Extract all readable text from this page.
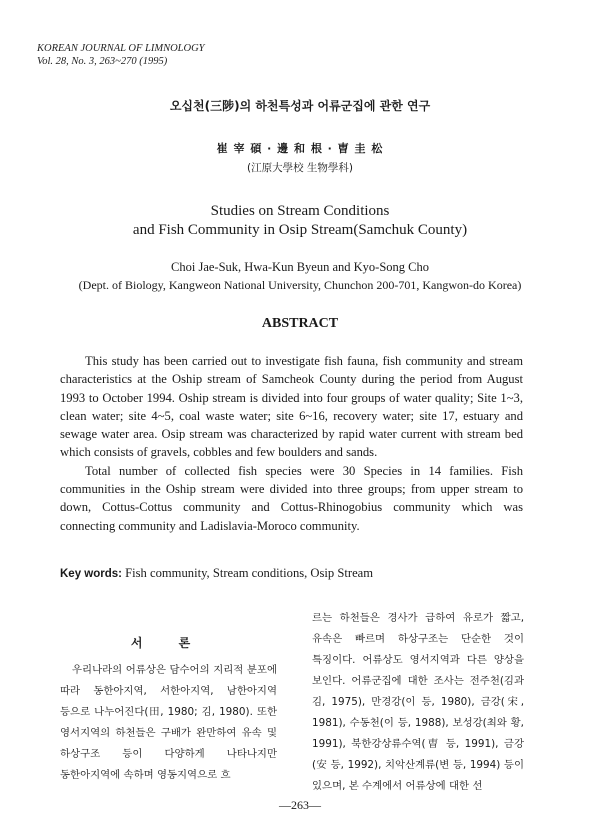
KOREAN JOURNAL OF LIMNOLOGY
Vol. 28, No. 3, 263~270 (1995)
오십천(三陟)의 하천특성과 어류군집에 관한 연구
崔 宰 碩 · 邊 和 根 · 曺 圭 松
(江原大學校 生物學科)
Studies on Stream Conditions
and Fish Community in Osip Stream(Samchuk County)
Choi Jae-Suk, Hwa-Kun Byeun and Kyo-Song Cho
(Dept. of Biology, Kangweon National University, Chunchon 200-701, Kangwon-do Korea)
ABSTRACT

This study has been carried out to investigate fish fauna, fish community and stream characteristics at the Oship stream of Samcheok County during the period from August 1993 to October 1994. Oship stream is divided into four groups of water quality; Site 1~3, clean water; site 4~5, coal waste water; site 6~16, recovery water; site 17, estuary and sewage water area. Osip stream was characterized by rapid water current with stream bed which consists of gravels, cobbles and few boulders and sands.

Total number of collected fish species were 30 Species in 14 families. Fish communities in the Oship stream were divided into three groups; from upper stream to down, Cottus-Cottus community and Cottus-Rhinogobius community which was connecting community and Ladislavia-Moroco community.

Key words: Fish community, Stream conditions, Osip Stream
서 론

우리나라의 어류상은 담수어의 지리적 분포에 따라 동한아지역, 서한아지역, 남한아지역 등으로 나누어진다(田, 1980; 김, 1980). 또한 영서지역의 하천들은 구배가 완만하여 유속 및 하상구조 등이 다양하게 나타나지만 동한아지역에 속하며 영동지역으로 흐

르는 하천들은 경사가 급하여 유로가 짧고, 유속은 빠르며 하상구조는 단순한 것이 특징이다. 어류상도 영서지역과 다른 양상을 보인다. 어류군집에 대한 조사는 전주천(김과 김, 1975), 만경강(이 등, 1980), 금강(宋, 1981), 수동천(이 등, 1988), 보성강(최와 황, 1991), 북한강상류수역(曺 등, 1991), 금강(安 등, 1992), 치악산계류(변 등, 1994) 등이 있으며, 본 수계에서 어류상에 대한 선

—263—
